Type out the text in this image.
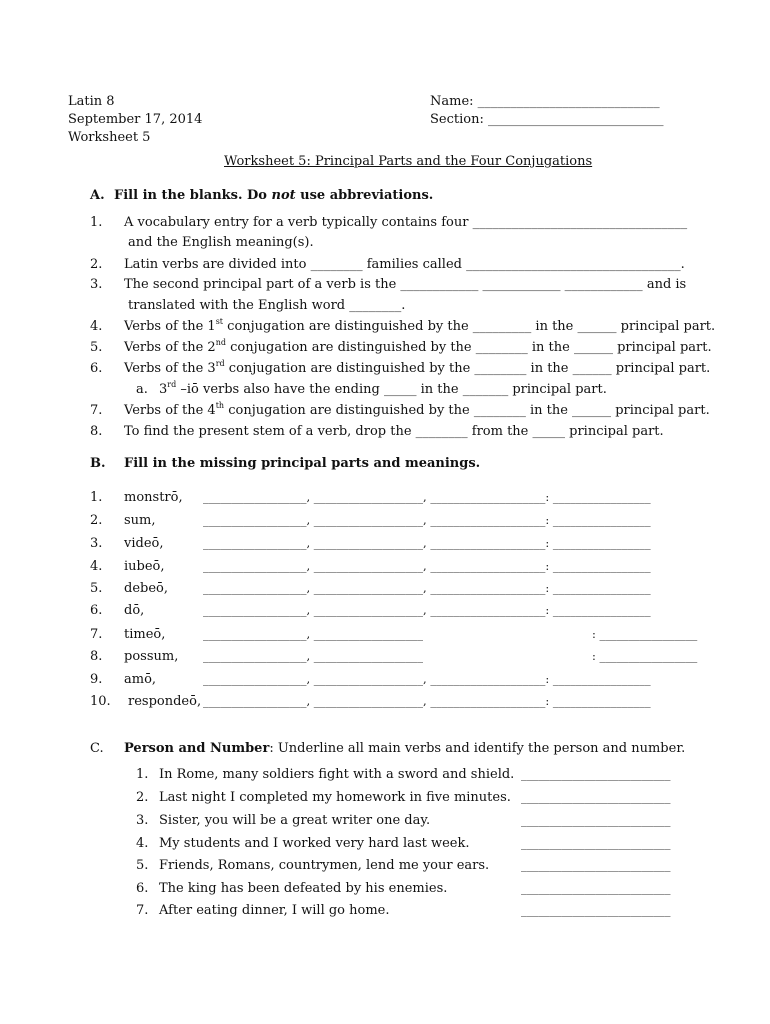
Latin 8
September 17, 2014
Worksheet 5
Name: ____________________________
Section: ___________________________
Worksheet 5: Principal Parts and the Four Conjugations
A. Fill in the blanks. Do not use abbreviations.
1. A vocabulary entry for a verb typically contains four _________________________________
and the English meaning(s).
2. Latin verbs are divided into ________ families called _________________________________.
3. The second principal part of a verb is the ____________ ____________ ____________ and is
translated with the English word ________.
4. Verbs of the 1st conjugation are distinguished by the _________ in the ______ principal part.
5. Verbs of the 2nd conjugation are distinguished by the ________ in the ______ principal part.
6. Verbs of the 3rd conjugation are distinguished by the ________ in the ______ principal part.
a. 3rd –iō verbs also have the ending _____ in the _______ principal part.
7. Verbs of the 4th conjugation are distinguished by the ________ in the ______ principal part.
8. To find the present stem of a verb, drop the ________ from the _____ principal part.
B. Fill in the missing principal parts and meanings.
1. monstrō, __________________, ___________________, ____________________: _________________
2. sum,	__________________, ___________________, ____________________: _________________
3. videō,	__________________, ___________________, ____________________: _________________
4. iubeō,	__________________, ___________________, ____________________: _________________
5. debeō,	__________________, ___________________, ____________________: _________________
6. dō,	__________________, ___________________, ____________________: _________________
7. timeō,	__________________, ___________________	: _________________
8. possum, __________________, ___________________	: _________________
9. amō,	__________________, ___________________, ____________________: _________________
10. respondeō, __________________, ___________________, ____________________: _________________
C. Person and Number: Underline all main verbs and identify the person and number.
1. In Rome, many soldiers fight with a sword and shield. __________________________
2. Last night I completed my homework in five minutes. __________________________
3. Sister, you will be a great writer one day.	__________________________
4. My students and I worked very hard last week.	__________________________
5. Friends, Romans, countrymen, lend me your ears.	__________________________
6. The king has been defeated by his enemies.	__________________________
7. After eating dinner, I will go home.	__________________________
